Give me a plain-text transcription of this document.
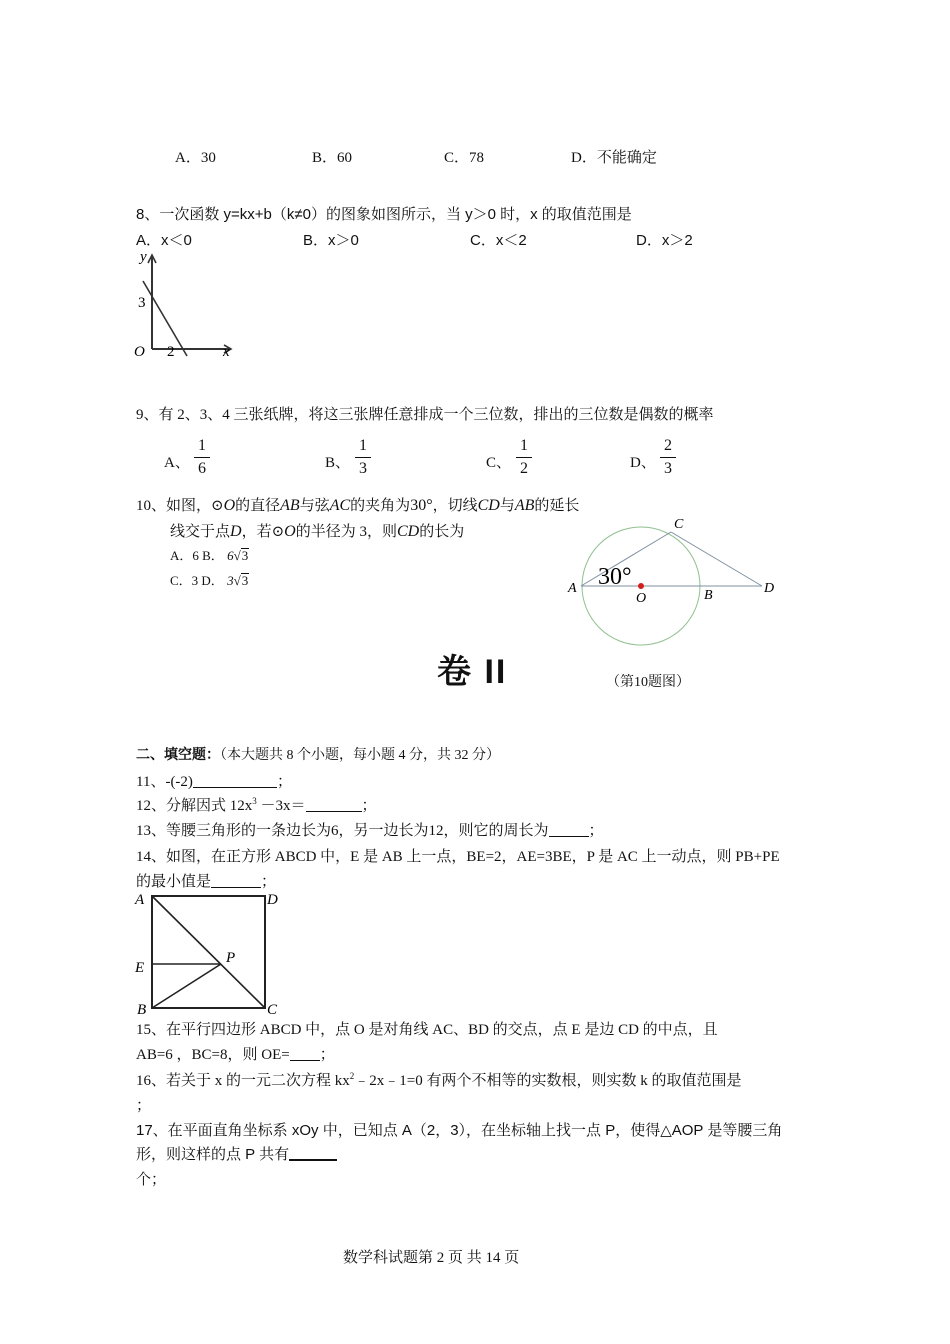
A．30	B．60	C．78	D．不能确定
8、一次函数 y=kx+b（k≠0）的图象如图所示，当 y＞0 时，x 的取值范围是
A．x＜0	B．x＞0	C．x＜2	D．x＞2
y
x
O
3
2
9、有 2、3、4 三张纸牌，将这三张牌任意排成一个三位数，排出的三位数是偶数的概率
A、
1
6	B、
1
3	C、
1
2	D、
2
3
10、如图，⊙O的直径AB与弦AC的夹角为30°，切线CD与AB的延长
线交于点D，若⊙O的半径为 3，则CD的长为
A．6 B． 6√3
C．3 D． 3√3	30°
A
C
O	B	D
（第10题图）
卷 II
二、填空题：（本大题共 8 个小题，每小题 4 分，共 32 分）
11、-(-2)	；
12、分解因式 $12x^3 -3x=$	；
13、等腰三角形的一条边长为6，另一边长为12，则它的周长为	；
14、如图，在正方形 ABCD 中，E 是 AB 上一点，BE=2，AE=3BE，P 是 AC 上一动点，则 PB+PE
的最小值是	；
A	D
E
P
B	C
15、在平行四边形 ABCD 中，点 O 是对角线 AC、BD 的交点，点 E 是边 CD 的中点，且
AB=6 ，BC=8，则 OE= ；
16、若关于 x 的一元二次方程 $kx^2﹣2x﹣1=0$ 有两个不相等的实数根，则实数 k 的取值范围是
；
17、在平面直角坐标系 xOy 中，已知点 A（2，3），在坐标轴上找一点 P，使得△AOP 是等腰三角
形，则这样的点 P 共有
个；
数学科试题第 2 页 共 14 页
